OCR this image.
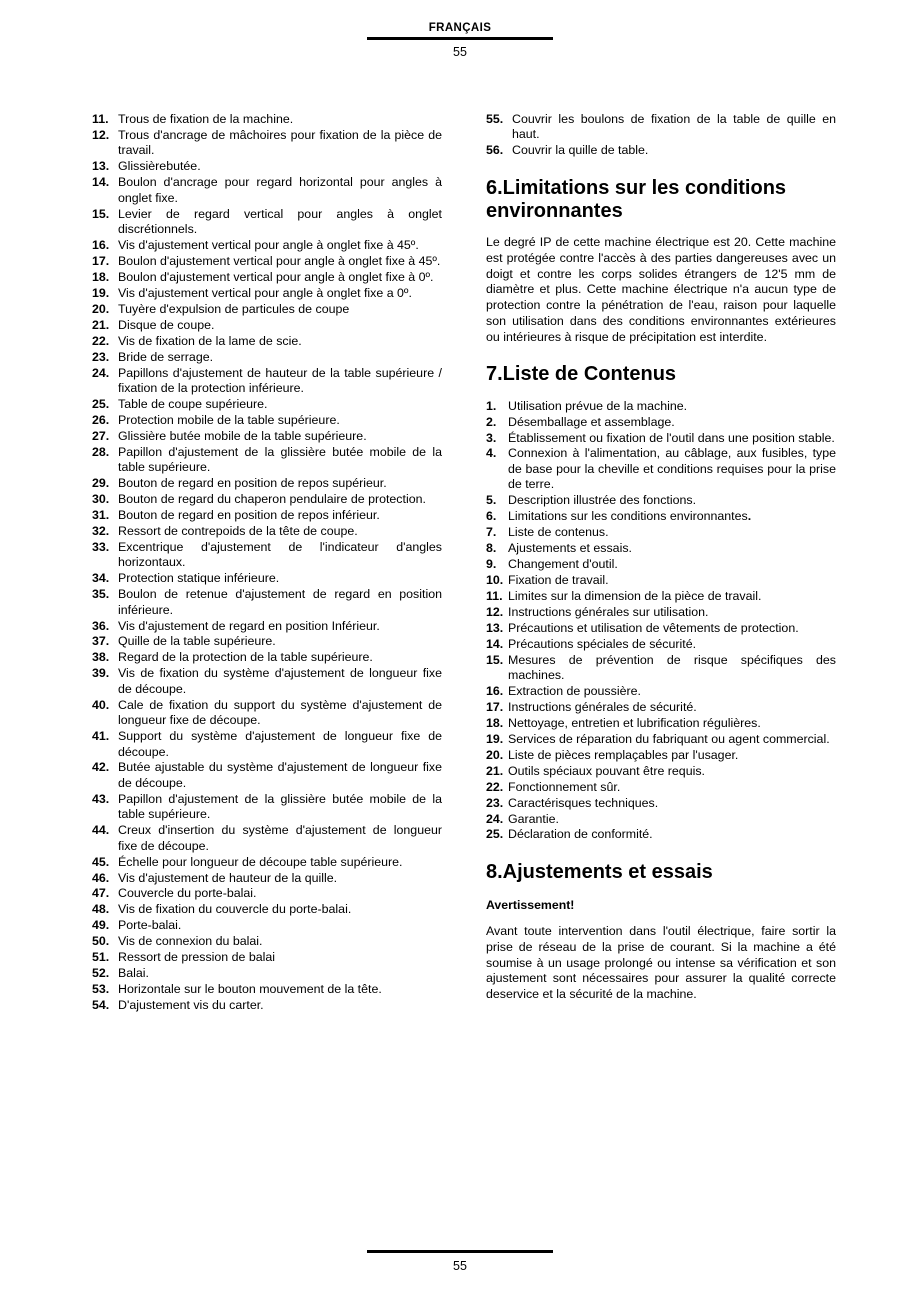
FRANÇAIS
55
11. Trous de fixation de la machine.
12. Trous d'ancrage de mâchoires pour fixation de la pièce de travail.
13. Glissièrebutée.
14. Boulon d'ancrage pour regard horizontal pour angles à onglet fixe.
15. Levier de regard vertical pour angles à onglet discrétionnels.
16. Vis d'ajustement vertical pour angle à onglet fixe à 45º.
17. Boulon d'ajustement vertical pour angle à onglet fixe à 45º.
18. Boulon d'ajustement vertical pour angle à onglet fixe à 0º.
19. Vis d'ajustement vertical pour angle à onglet fixe a 0º.
20. Tuyère d'expulsion de particules de coupe
21. Disque de coupe.
22. Vis de fixation de la lame de scie.
23. Bride de serrage.
24. Papillons d'ajustement de hauteur de la table supérieure / fixation de la protection inférieure.
25. Table de coupe supérieure.
26. Protection mobile de la table supérieure.
27. Glissière butée mobile de la table supérieure.
28. Papillon d'ajustement de la glissière butée mobile de la table supérieure.
29. Bouton de regard en position de repos supérieur.
30. Bouton de regard du chaperon pendulaire de protection.
31. Bouton de regard en position de repos inférieur.
32. Ressort de contrepoids de la tête de coupe.
33. Excentrique d'ajustement de l'indicateur d'angles horizontaux.
34. Protection statique inférieure.
35. Boulon de retenue d'ajustement de regard en position inférieure.
36. Vis d'ajustement de regard en position Inférieur.
37. Quille de la table supérieure.
38. Regard de la protection de la table supérieure.
39. Vis de fixation du système d'ajustement de longueur fixe de découpe.
40. Cale de fixation du support du système d'ajustement de longueur fixe de découpe.
41. Support du système d'ajustement de longueur fixe de découpe.
42. Butée ajustable du système d'ajustement de longueur fixe de découpe.
43. Papillon d'ajustement de la glissière butée mobile de la table supérieure.
44. Creux d'insertion du système d'ajustement de longueur fixe de découpe.
45. Échelle pour longueur de découpe table supérieure.
46. Vis d'ajustement de hauteur de la quille.
47. Couvercle du porte-balai.
48. Vis de fixation du couvercle du porte-balai.
49. Porte-balai.
50. Vis de connexion du balai.
51. Ressort de pression de balai
52. Balai.
53. Horizontale sur le bouton mouvement de la tête.
54. D'ajustement vis du carter.
55. Couvrir les boulons de fixation de la table de quille en haut.
56. Couvrir la quille de table.
6.Limitations sur les conditions
environnantes

Le degré IP de cette machine électrique est 20. Cette machine est protégée contre l'accès à des parties dangereuses avec un doigt et contre les corps solides étrangers de 12'5 mm de diamètre et plus. Cette machine électrique n'a aucun type de protection contre la pénétration de l'eau, raison pour laquelle son utilisation dans des conditions environnantes extérieures ou intérieures à risque de précipitation est interdite.

7.Liste de Contenus
1. Utilisation prévue de la machine.
2. Désemballage et assemblage.
3. Établissement ou fixation de l'outil dans une position stable.
4. Connexion à l'alimentation, au câblage, aux fusibles, type de base pour la cheville et conditions requises pour la prise de terre.
5. Description illustrée des fonctions.
6. Limitations sur les conditions environnantes.
7. Liste de contenus.
8. Ajustements et essais.
9. Changement d'outil.
10. Fixation de travail.
11. Limites sur la dimension de la pièce de travail.
12. Instructions générales sur utilisation.
13. Précautions et utilisation de vêtements de protection.
14. Précautions spéciales de sécurité.
15. Mesures de prévention de risque spécifiques des machines.
16. Extraction de poussière.
17. Instructions générales de sécurité.
18. Nettoyage, entretien et lubrification régulières.
19. Services de réparation du fabriquant ou agent commercial.
20. Liste de pièces remplaçables par l'usager.
21. Outils spéciaux pouvant être requis.
22. Fonctionnement sûr.
23. Caractérisques techniques.
24. Garantie.
25. Déclaration de conformité.
8.Ajustements et essais
Avertissement!

Avant toute intervention dans l'outil électrique, faire sortir la prise de réseau de la prise de courant. Si la machine a été soumise à un usage prolongé ou intense sa vérification et son ajustement sont nécessaires pour assurer la qualité correcte deservice et la sécurité de la machine.

55
